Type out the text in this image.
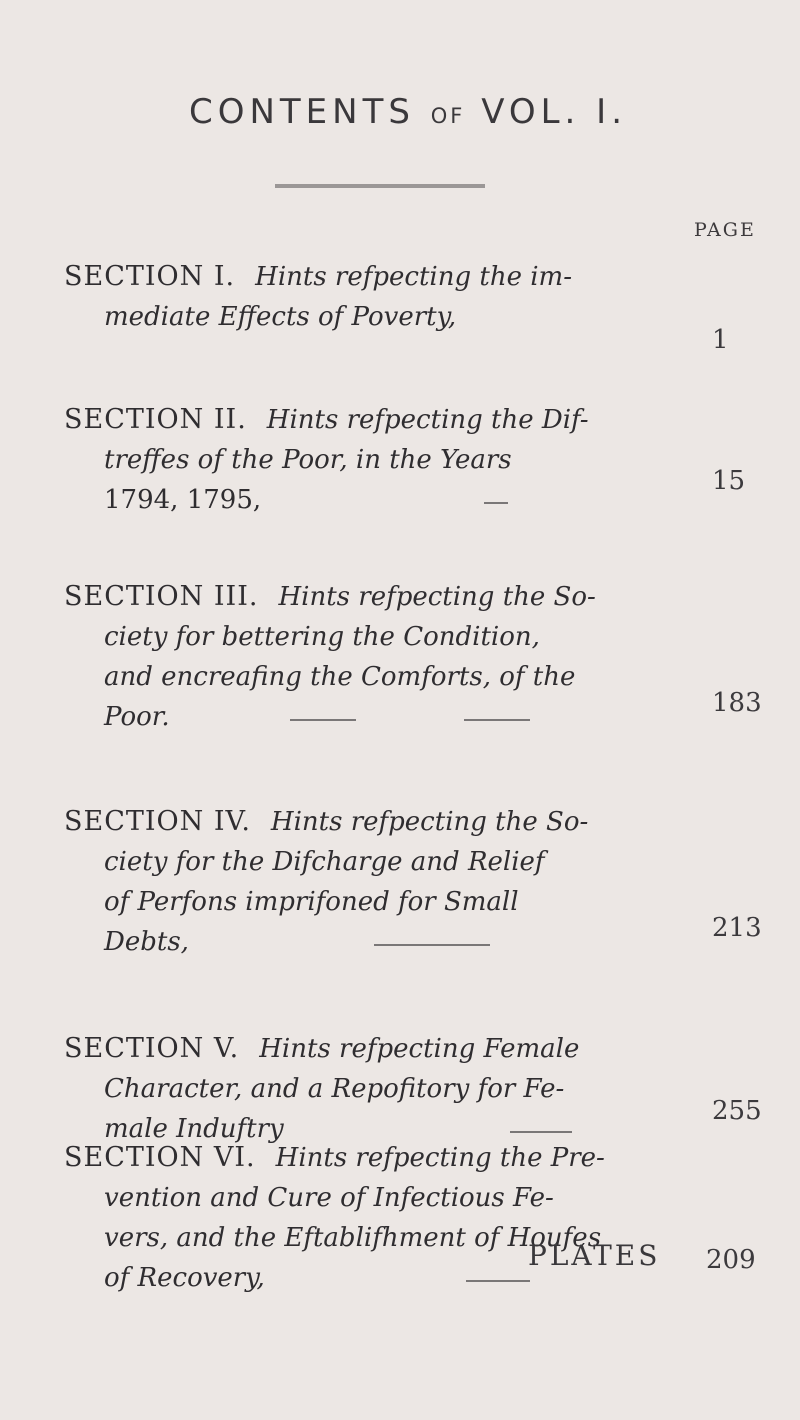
CONTENTS OF VOL. I.
PAGE
SECTION I. Hints refpecting the im-
mediate Effects of Poverty,
1
SECTION II. Hints refpecting the Dif-
treffes of the Poor, in the Years
1794, 1795,
15
SECTION III. Hints refpecting the So-
ciety for bettering the Condition,
and encreafing the Comforts, of the
Poor.	183
SECTION IV. Hints refpecting the So-
ciety for the Difcharge and Relief
of Perfons imprifoned for Small
Debts,	213
SECTION V. Hints refpecting Female
Character, and a Repofitory for Fe-
male Induftry
255
SECTION VI. Hints refpecting the Pre-
vention and Cure of Infectious Fe-
vers, and the Eftablifhment of Houfes
of Recovery,
209
PLATES
